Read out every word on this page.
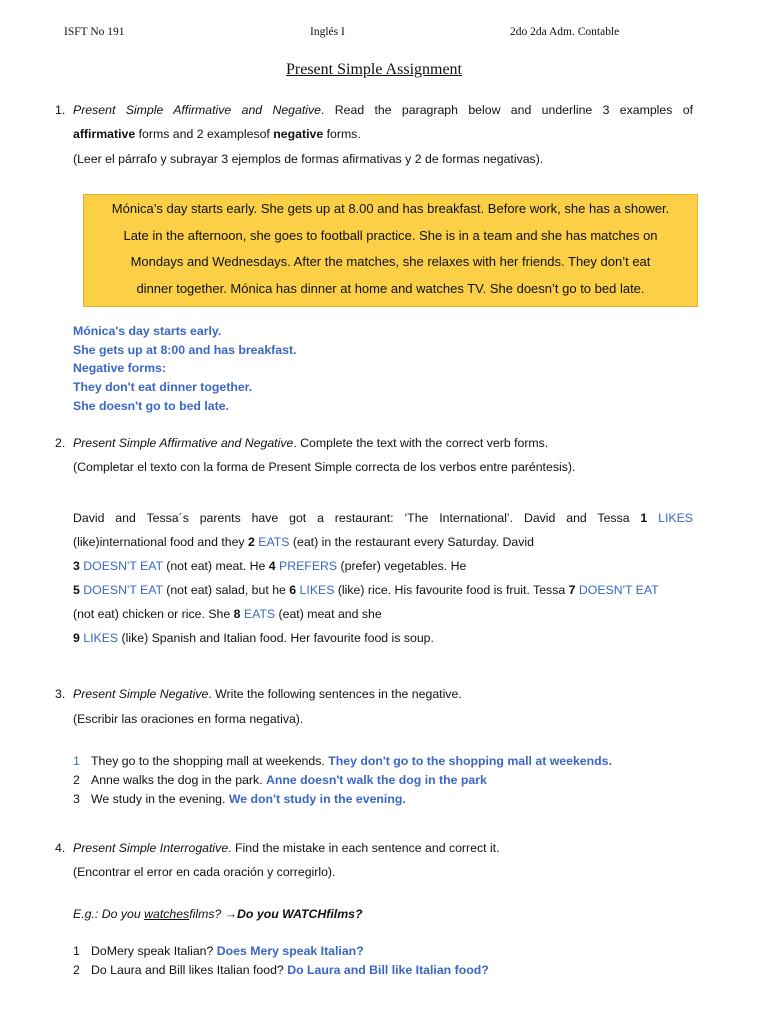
ISFT No 191	Inglés I	2do 2da Adm. Contable
Present Simple Assignment
1. Present Simple Affirmative and Negative. Read the paragraph below and underline 3 examples of
affirmative forms and 2 examplesof negative forms.
(Leer el párrafo y subrayar 3 ejemplos de formas afirmativas y 2 de formas negativas).

Mónica’s day starts early. She gets up at 8.00 and has breakfast. Before work, she has a shower.

Late in the afternoon, she goes to football practice. She is in a team and she has matches on

Mondays and Wednesdays. After the matches, she relaxes with her friends. They don’t eat

dinner together. Mónica has dinner at home and watches TV. She doesn’t go to bed late.

Mónica's day starts early.
She gets up at 8:00 and has breakfast.
Negative forms:
They don't eat dinner together.
She doesn't go to bed late.
2. Present Simple Affirmative and Negative. Complete the text with the correct verb forms.
(Completar el texto con la forma de Present Simple correcta de los verbos entre paréntesis).
David and Tessa´s parents have got a restaurant: ‘The International’. David and Tessa 1 LIKES
(like)international food and they 2 EATS (eat) in the restaurant every Saturday. David
3 DOESN'T EAT (not eat) meat. He 4 PREFERS (prefer) vegetables. He
5 DOESN'T EAT (not eat) salad, but he 6 LIKES (like) rice. His favourite food is fruit. Tessa 7 DOESN'T EAT
(not eat) chicken or rice. She 8 EATS (eat) meat and she
9 LIKES (like) Spanish and Italian food. Her favourite food is soup.
3. Present Simple Negative. Write the following sentences in the negative.
(Escribir las oraciones en forma negativa).
1 They go to the shopping mall at weekends. They don't go to the shopping mall at weekends.
2 Anne walks the dog in the park. Anne doesn't walk the dog in the park
3 We study in the evening. We don't study in the evening.
4. Present Simple Interrogative. Find the mistake in each sentence and correct it.
(Encontrar el error en cada oración y corregirlo).
E.g.: Do you watchesfilms? →Do you WATCHfilms?
1 DoMery speak Italian? Does Mery speak Italian?
2 Do Laura and Bill likes Italian food? Do Laura and Bill like Italian food?
